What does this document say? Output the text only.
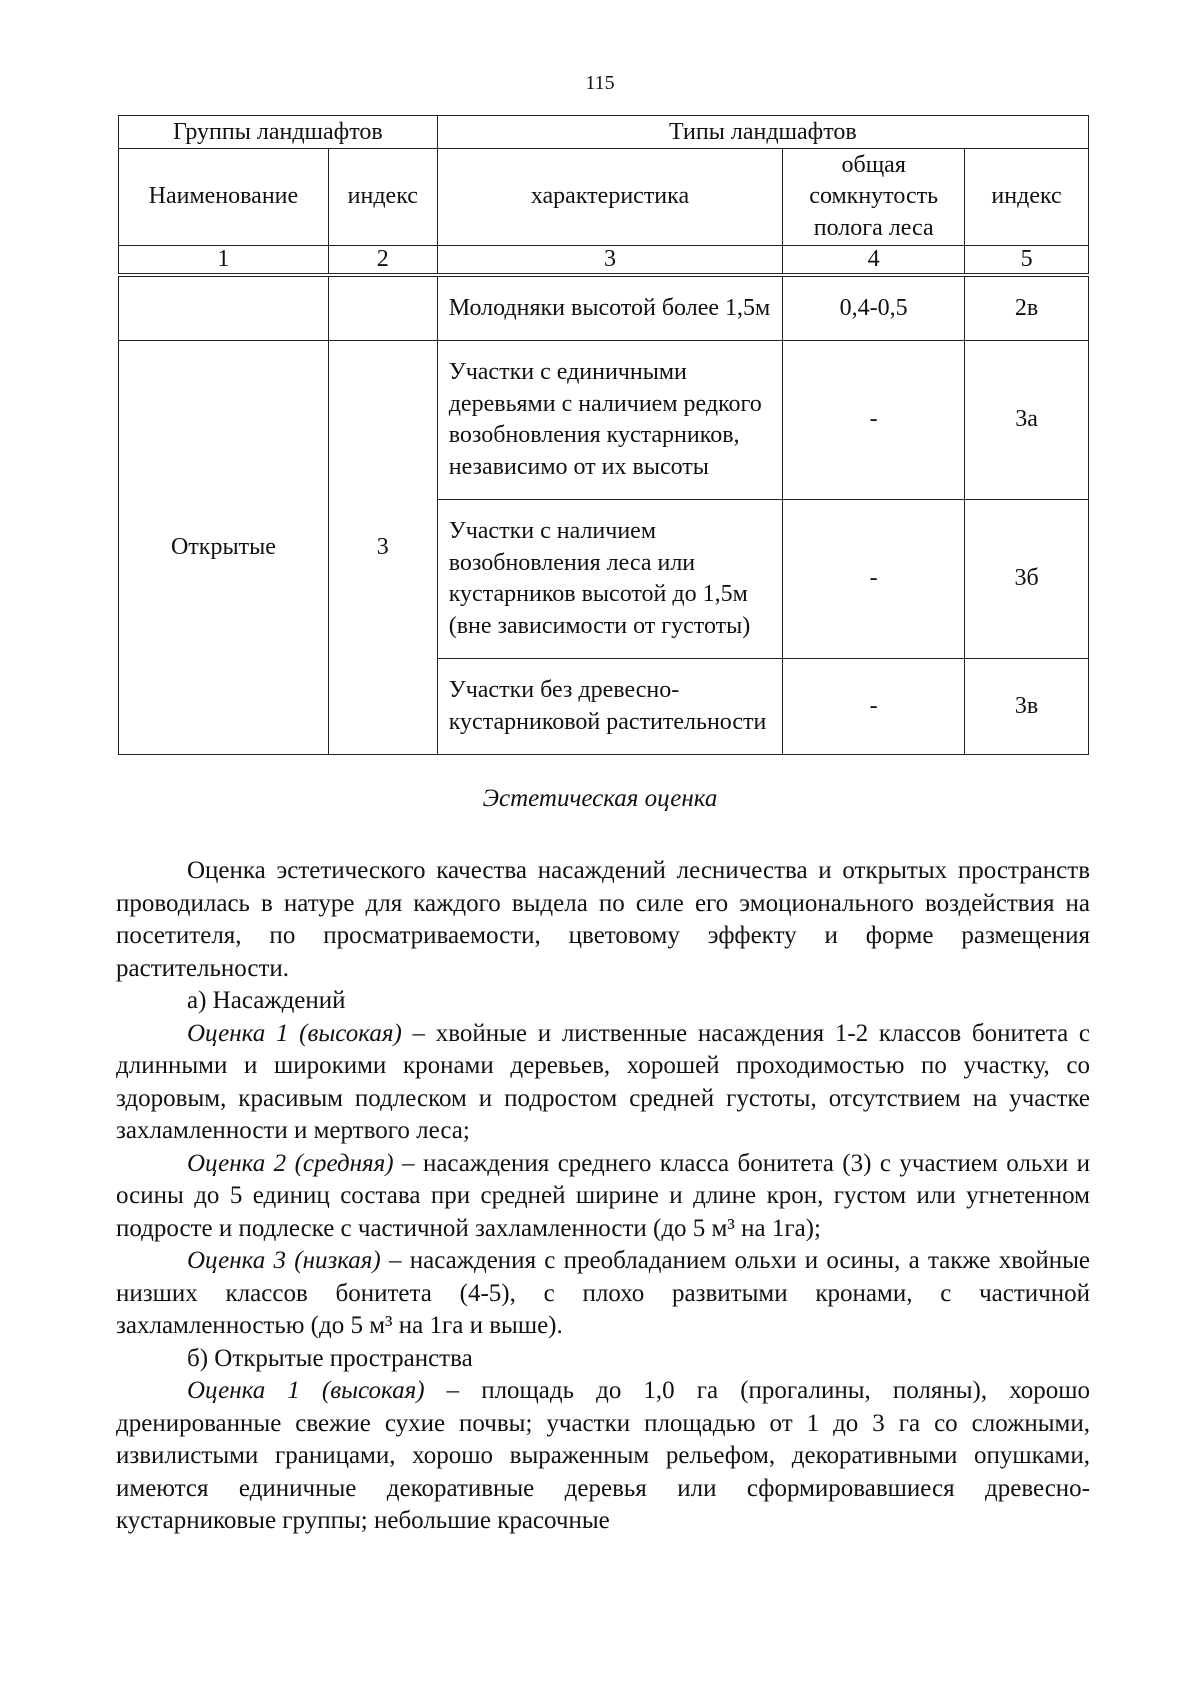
115
Группы ландшафтов		Типы ландшафтов		
Наименование	индекс	характеристика	общая сомкнутость полога леса	индекс
1	2	3	4	5
		Молодняки высотой более 1,5м	0,4-0,5	2в
Открытые	3	Участки с единичными деревьями с наличием редкого возобновления кустарников, независимо от их высоты	-	3а
		Участки с наличием возобновления леса или кустарников высотой до 1,5м (вне зависимости от густоты)	-	3б
		Участки без древесно-кустарниковой растительности	-	3в
Эстетическая оценка

Оценка эстетического качества насаждений лесничества и открытых пространств проводилась в натуре для каждого выдела по силе его эмоционального воздействия на посетителя, по просматриваемости, цветовому эффекту и форме размещения растительности.

а) Насаждений

Оценка 1 (высокая) – хвойные и лиственные насаждения 1-2 классов бонитета с длинными и широкими кронами деревьев, хорошей проходимостью по участку, со здоровым, красивым подлеском и подростом средней густоты, отсутствием на участке захламленности и мертвого леса;

Оценка 2 (средняя) – насаждения среднего класса бонитета (3) с участием ольхи и осины до 5 единиц состава при средней ширине и длине крон, густом или угнетенном подросте и подлеске с частичной захламленности (до 5 м³ на 1га);

Оценка 3 (низкая) – насаждения с преобладанием ольхи и осины, а также хвойные низших классов бонитета (4-5), с плохо развитыми кронами, с частичной захламленностью (до 5 м³ на 1га и выше).

б) Открытые пространства

Оценка 1 (высокая) – площадь до 1,0 га (прогалины, поляны), хорошо дренированные свежие сухие почвы; участки площадью от 1 до 3 га со сложными, извилистыми границами, хорошо выраженным рельефом, декоративными опушками, имеются единичные декоративные деревья или сформировавшиеся древесно-кустарниковые группы; небольшие красочные
